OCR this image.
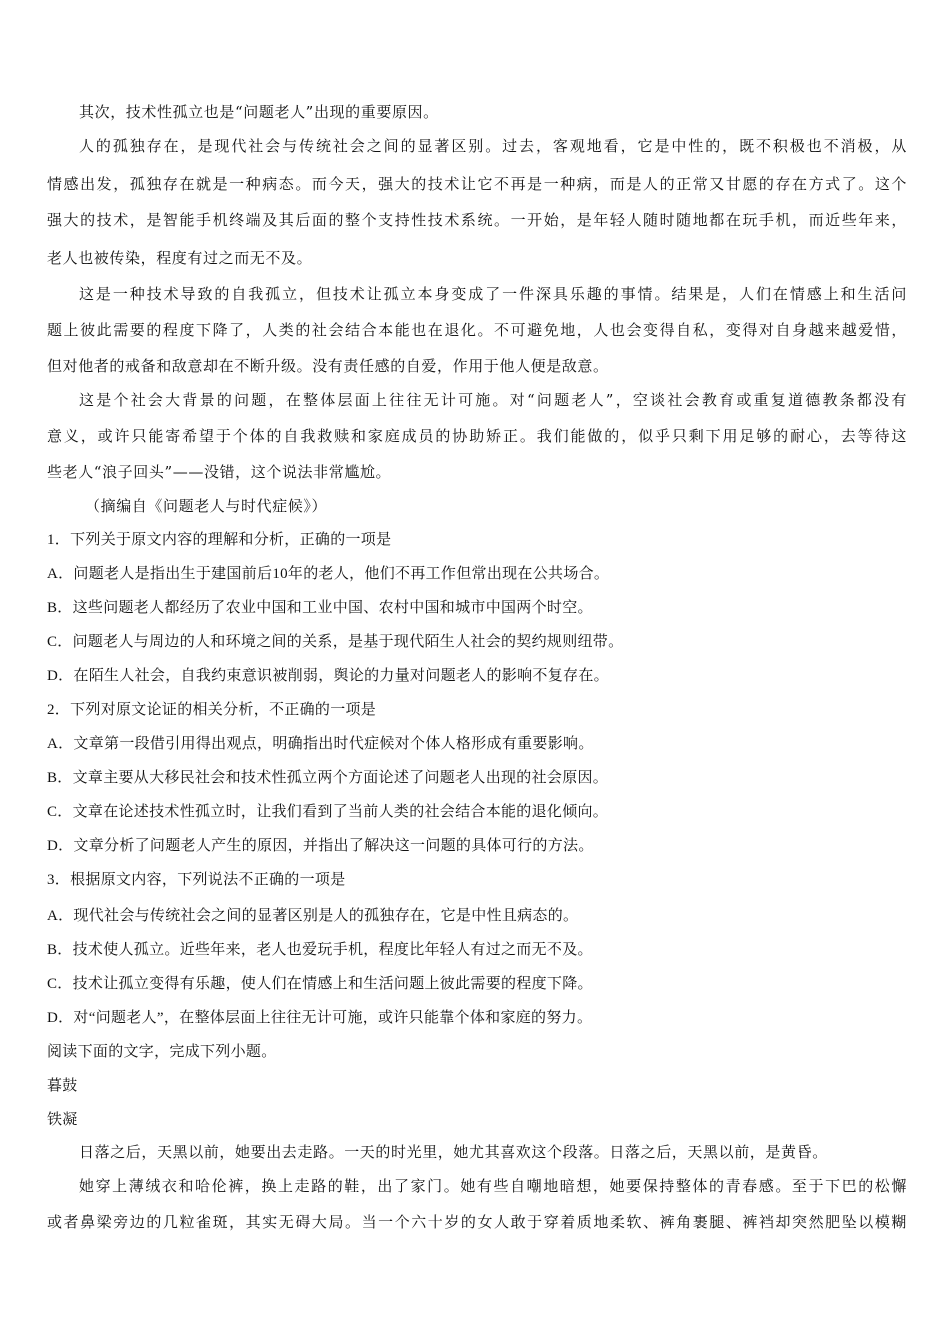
其次，技术性孤立也是“问题老人”出现的重要原因。
人的孤独存在，是现代社会与传统社会之间的显著区别。过去，客观地看，它是中性的，既不积极也不消极，从
情感出发，孤独存在就是一种病态。而今天，强大的技术让它不再是一种病，而是人的正常又甘愿的存在方式了。这个
强大的技术，是智能手机终端及其后面的整个支持性技术系统。一开始，是年轻人随时随地都在玩手机，而近些年来，
老人也被传染，程度有过之而无不及。
这是一种技术导致的自我孤立，但技术让孤立本身变成了一件深具乐趣的事情。结果是，人们在情感上和生活问
题上彼此需要的程度下降了，人类的社会结合本能也在退化。不可避免地，人也会变得自私，变得对自身越来越爱惜，
但对他者的戒备和敌意却在不断升级。没有责任感的自爱，作用于他人便是敌意。
这是个社会大背景的问题，在整体层面上往往无计可施。对“问题老人”，空谈社会教育或重复道德教条都没有
意义，或许只能寄希望于个体的自我救赎和家庭成员的协助矫正。我们能做的，似乎只剩下用足够的耐心，去等待这
些老人“浪子回头”——没错，这个说法非常尴尬。
（摘编自《问题老人与时代症候》）
1．下列关于原文内容的理解和分析，正确的一项是
A．问题老人是指出生于建国前后10年的老人，他们不再工作但常出现在公共场合。
B．这些问题老人都经历了农业中国和工业中国、农村中国和城市中国两个时空。
C．问题老人与周边的人和环境之间的关系，是基于现代陌生人社会的契约规则纽带。
D．在陌生人社会，自我约束意识被削弱，舆论的力量对问题老人的影响不复存在。
2．下列对原文论证的相关分析，不正确的一项是
A．文章第一段借引用得出观点，明确指出时代症候对个体人格形成有重要影响。
B．文章主要从大移民社会和技术性孤立两个方面论述了问题老人出现的社会原因。
C．文章在论述技术性孤立时，让我们看到了当前人类的社会结合本能的退化倾向。
D．文章分析了问题老人产生的原因，并指出了解决这一问题的具体可行的方法。
3．根据原文内容，下列说法不正确的一项是
A．现代社会与传统社会之间的显著区别是人的孤独存在，它是中性且病态的。
B．技术使人孤立。近些年来，老人也爱玩手机，程度比年轻人有过之而无不及。
C．技术让孤立变得有乐趣，使人们在情感上和生活问题上彼此需要的程度下降。
D．对“问题老人”，在整体层面上往往无计可施，或许只能靠个体和家庭的努力。
阅读下面的文字，完成下列小题。
暮鼓
铁凝
日落之后，天黑以前，她要出去走路。一天的时光里，她尤其喜欢这个段落。日落之后，天黑以前，是黄昏。
她穿上薄绒衣和哈伦裤，换上走路的鞋，出了家门。她有些自嘲地暗想，她要保持整体的青春感。至于下巴的松懈
或者鼻梁旁边的几粒雀斑，其实无碍大局。当一个六十岁的女人敢于穿着质地柔软、裤角裹腿、裤裆却突然肥坠以模糊
